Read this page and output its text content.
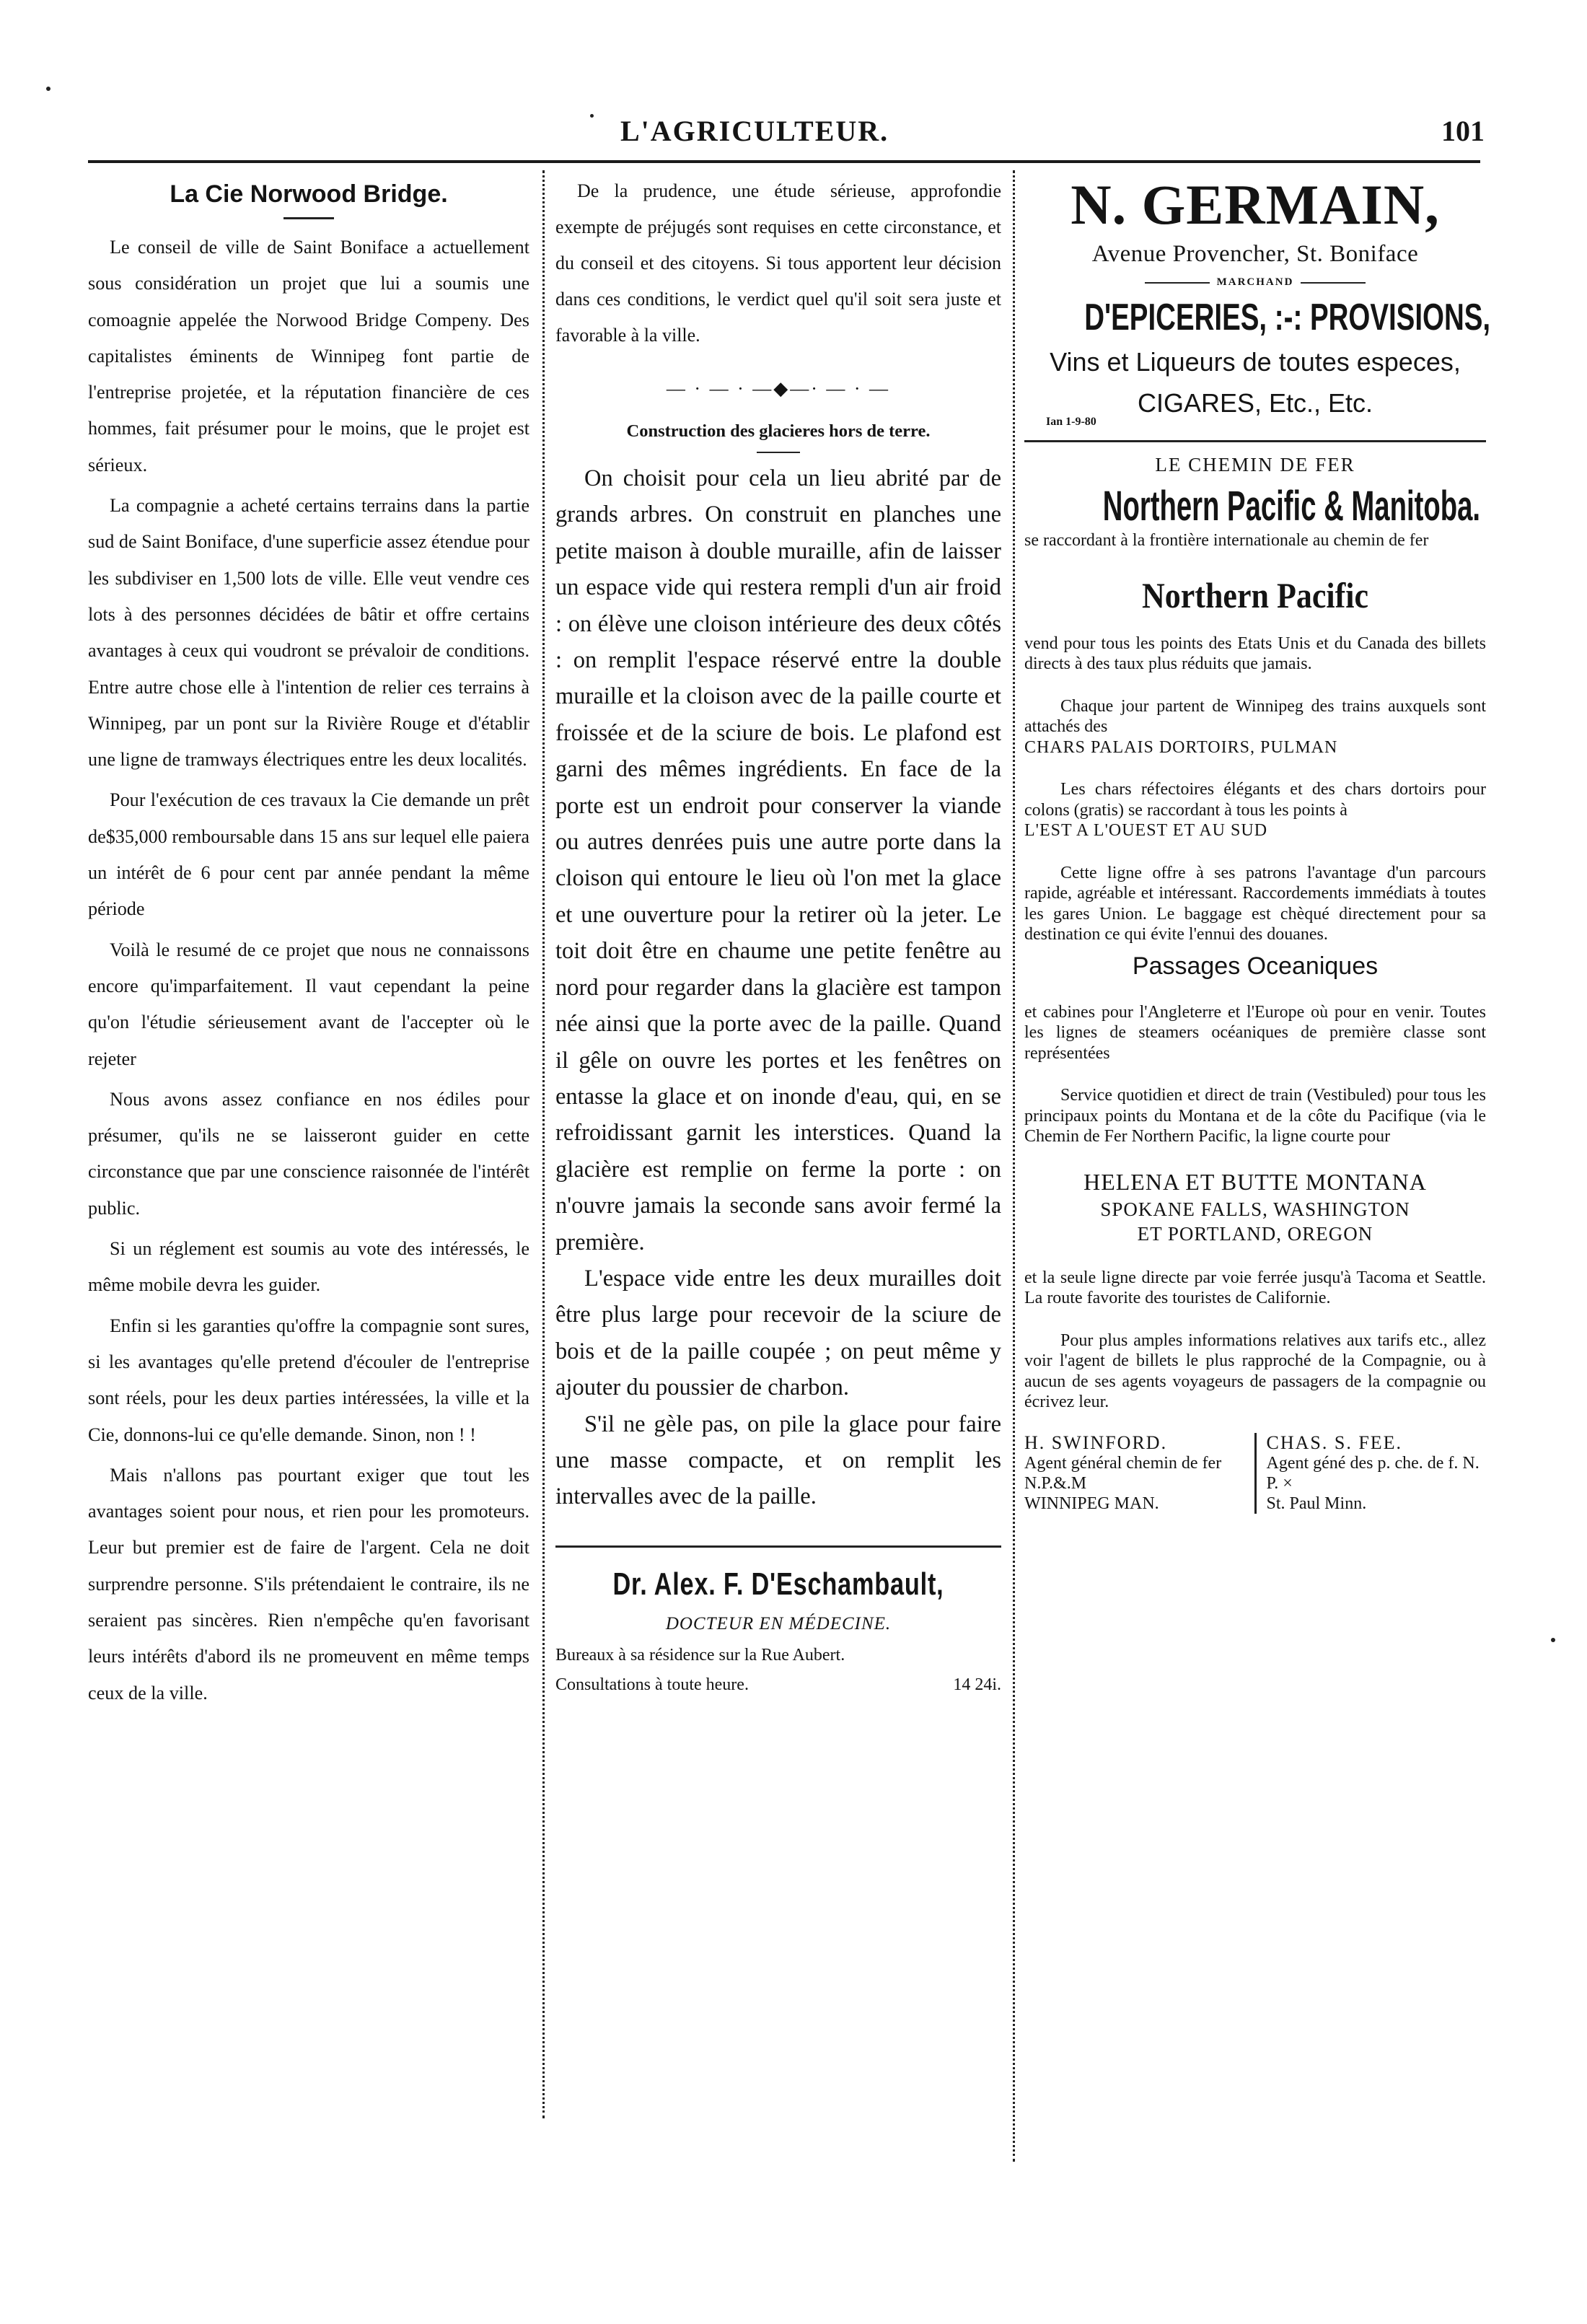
L'AGRICULTEUR.	101
La Cie Norwood Bridge.

Le conseil de ville de Saint Boniface a actuellement sous considération un projet que lui a soumis une comoagnie appelée the Norwood Bridge Compeny. Des capitalistes éminents de Winnipeg font partie de l'entreprise projetée, et la réputation financière de ces hommes, fait présumer pour le moins, que le projet est sérieux.

La compagnie a acheté certains terrains dans la partie sud de Saint Boniface, d'une superficie assez étendue pour les subdiviser en 1,500 lots de ville. Elle veut vendre ces lots à des personnes décidées de bâtir et offre certains avantages à ceux qui voudront se prévaloir de conditions. Entre autre chose elle à l'intention de relier ces terrains à Winnipeg, par un pont sur la Rivière Rouge et d'établir une ligne de tramways électriques entre les deux localités.

Pour l'exécution de ces travaux la Cie demande un prêt de$35,000 remboursable dans 15 ans sur lequel elle paiera un intérêt de 6 pour cent par année pendant la même période

Voilà le resumé de ce projet que nous ne connaissons encore qu'imparfaitement. Il vaut cependant la peine qu'on l'étudie sérieusement avant de l'accepter où le rejeter

Nous avons assez confiance en nos édiles pour présumer, qu'ils ne se laisseront guider en cette circonstance que par une conscience raisonnée de l'intérêt public.

Si un réglement est soumis au vote des intéressés, le même mobile devra les guider.

Enfin si les garanties qu'offre la compagnie sont sures, si les avantages qu'elle pretend d'écouler de l'entreprise sont réels, pour les deux parties intéressées, la ville et la Cie, donnons-lui ce qu'elle demande. Sinon, non ! !

Mais n'allons pas pourtant exiger que tout les avantages soient pour nous, et rien pour les promoteurs. Leur but premier est de faire de l'argent. Cela ne doit surprendre personne. S'ils prétendaient le contraire, ils ne seraient pas sincères. Rien n'empêche qu'en favorisant leurs intérêts d'abord ils ne promeuvent en même temps ceux de la ville.

De la prudence, une étude sérieuse, approfondie exempte de préjugés sont requises en cette circonstance, et du conseil et des citoyens. Si tous apportent leur décision dans ces conditions, le verdict quel qu'il soit sera juste et favorable à la ville.

— · — · —◆—· — · —
Construction des glacieres hors de terre.

On choisit pour cela un lieu abrité par de grands arbres. On construit en planches une petite maison à double muraille, afin de laisser un espace vide qui restera rempli d'un air froid : on élève une cloison intérieure des deux côtés : on remplit l'espace réservé entre la double muraille et la cloison avec de la paille courte et froissée et de la sciure de bois. Le plafond est garni des mêmes ingrédients. En face de la porte est un endroit pour conserver la viande ou autres denrées puis une autre porte dans la cloison qui entoure le lieu où l'on met la glace et une ouverture pour la retirer où la jeter. Le toit doit être en chaume une petite fenêtre au nord pour regarder dans la glacière est tampon née ainsi que la porte avec de la paille. Quand il gêle on ouvre les portes et les fenêtres on entasse la glace et on inonde d'eau, qui, en se refroidissant garnit les interstices. Quand la glacière est remplie on ferme la porte : on n'ouvre jamais la seconde sans avoir fermé la première.

L'espace vide entre les deux murailles doit être plus large pour recevoir de la sciure de bois et de la paille coupée ; on peut même y ajouter du poussier de charbon.

S'il ne gèle pas, on pile la glace pour faire une masse compacte, et on remplit les intervalles avec de la paille.

Dr. Alex. F. D'Eschambault,
DOCTEUR EN MÉDECINE.

Bureaux à sa résidence sur la Rue Aubert.

Consultations à toute heure.	14 24i.
N. GERMAIN,
Avenue Provencher, St. Boniface
MARCHAND
D'EPICERIES, :-: PROVISIONS,
Vins et Liqueurs de toutes especes,
CIGARES, Etc., Etc.
Ian 1-9-80
LE CHEMIN DE FER
Northern Pacific & Manitoba.

se raccordant à la frontière internationale au chemin de fer

Northern Pacific

vend pour tous les points des Etats Unis et du Canada des billets directs à des taux plus réduits que jamais.

Chaque jour partent de Winnipeg des trains auxquels sont attachés des

CHARS PALAIS DORTOIRS, PULMAN

Les chars réfectoires élégants et des chars dortoirs pour colons (gratis) se raccordant à tous les points à

L'EST A L'OUEST ET AU SUD

Cette ligne offre à ses patrons l'avantage d'un parcours rapide, agréable et intéressant. Raccordements immédiats à toutes les gares Union. Le baggage est chèqué directement pour sa destination ce qui évite l'ennui des douanes.

Passages Oceaniques

et cabines pour l'Angleterre et l'Europe où pour en venir. Toutes les lignes de steamers océaniques de première classe sont représentées

Service quotidien et direct de train (Vestibuled) pour tous les principaux points du Montana et de la côte du Pacifique (via le Chemin de Fer Northern Pacific, la ligne courte pour

HELENA ET BUTTE MONTANA
SPOKANE FALLS, WASHINGTON
ET PORTLAND, OREGON

et la seule ligne directe par voie ferrée jusqu'à Tacoma et Seattle. La route favorite des touristes de Californie.

Pour plus amples informations relatives aux tarifs etc., allez voir l'agent de billets le plus rapproché de la Compagnie, ou à aucun de ses agents voyageurs de passagers de la compagnie ou écrivez leur.

H. SWINFORD.
Agent général chemin de fer N.P.&.M
WINNIPEG MAN.
CHAS. S. FEE.
Agent géné des p. che. de f. N. P. ×
St. Paul Minn.
